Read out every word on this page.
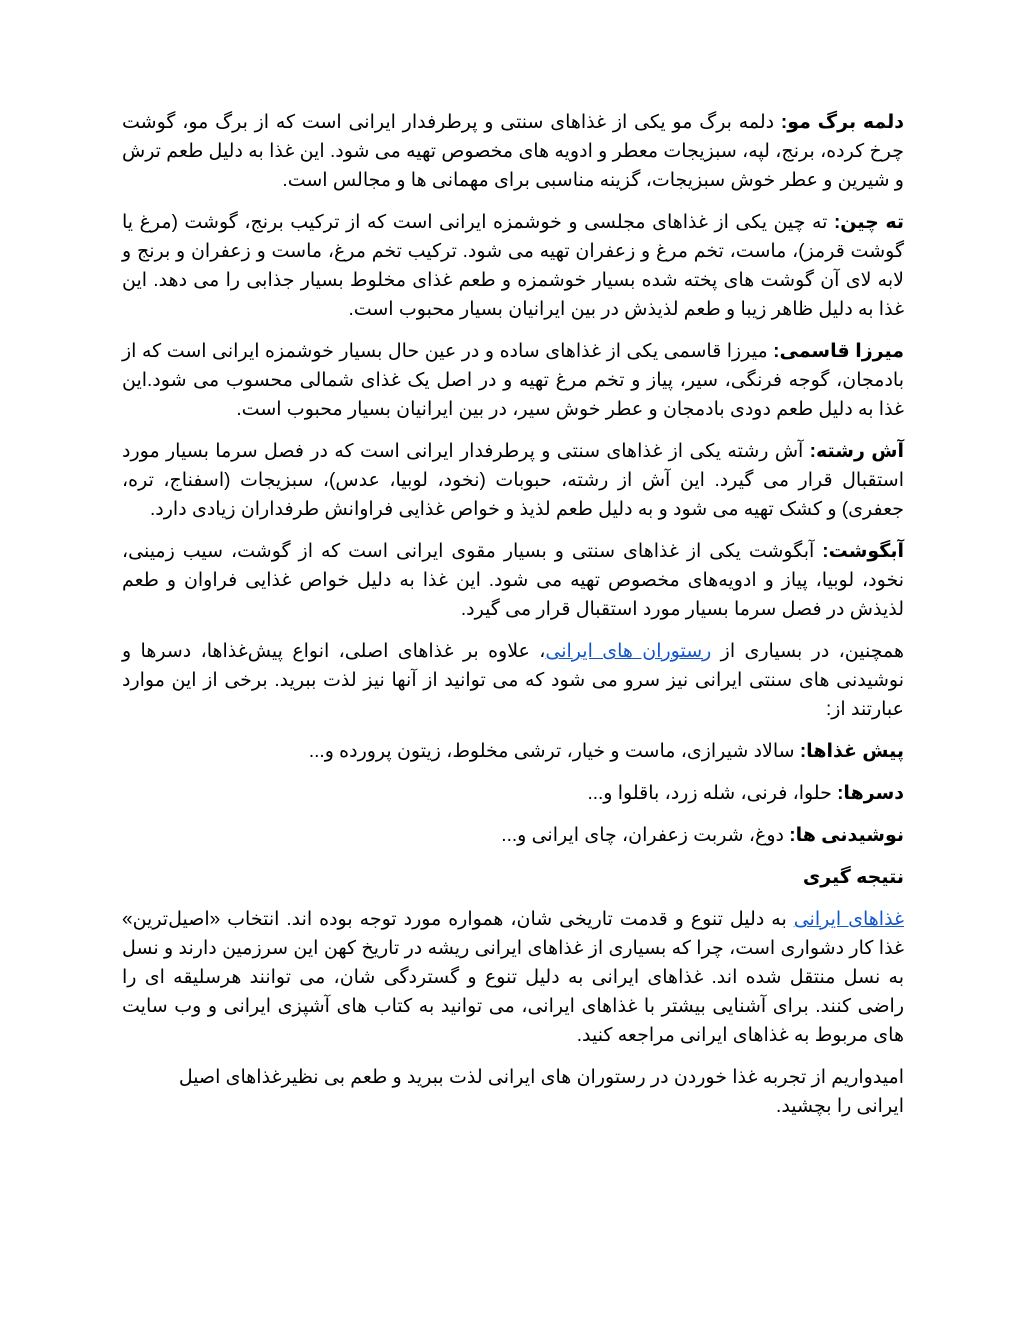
دلمه برگ مو: دلمه برگ مو یکی از غذاهای سنتی و پرطرفدار ایرانی است که از برگ مو، گوشت چرخ کرده، برنج، لپه، سبزیجات معطر و ادویه های مخصوص تهیه می شود. این غذا به دلیل طعم ترش و شیرین و عطر خوش سبزیجات، گزینه مناسبی برای مهمانی ها و مجالس است.

ته چین: ته چین یکی از غذاهای مجلسی و خوشمزه ایرانی است که از ترکیب برنج، گوشت (مرغ یا گوشت قرمز)، ماست، تخم مرغ و زعفران تهیه می شود. ترکیب تخم مرغ، ماست و زعفران و برنج و لابه لای آن گوشت های پخته شده بسیار خوشمزه و طعم غذای مخلوط بسیار جذابی را می دهد. این غذا به دلیل ظاهر زیبا و طعم لذیذش در بین ایرانیان بسیار محبوب است.

میرزا قاسمی: میرزا قاسمی یکی از غذاهای ساده و در عین حال بسیار خوشمزه ایرانی است که از بادمجان، گوجه فرنگی، سیر، پیاز و تخم مرغ تهیه و در اصل یک غذای شمالی محسوب می شود.این غذا به دلیل طعم دودی بادمجان و عطر خوش سیر، در بین ایرانیان بسیار محبوب است.

آش رشته: آش رشته یکی از غذاهای سنتی و پرطرفدار ایرانی است که در فصل سرما بسیار مورد استقبال قرار می گیرد. این آش از رشته، حبوبات (نخود، لوبیا، عدس)، سبزیجات (اسفناج، تره، جعفری) و کشک تهیه می شود و به دلیل طعم لذیذ و خواص غذایی فراوانش طرفداران زیادی دارد.

آبگوشت: آبگوشت یکی از غذاهای سنتی و بسیار مقوی ایرانی است که از گوشت، سیب زمینی، نخود، لوبیا، پیاز و ادویه‌های مخصوص تهیه می شود. این غذا به دلیل خواص غذایی فراوان و طعم لذیذش در فصل سرما بسیار مورد استقبال قرار می گیرد.

همچنین، در بسیاری از رستوران های ایرانی، علاوه بر غذاهای اصلی، انواع پیش‌غذاها، دسرها و نوشیدنی های سنتی ایرانی نیز سرو می شود که می توانید از آنها نیز لذت ببرید. برخی از این موارد عبارتند از:

پیش غذاها: سالاد شیرازی، ماست و خیار، ترشی مخلوط، زیتون پرورده و...

دسرها: حلوا، فرنی، شله زرد، باقلوا و...

نوشیدنی ها: دوغ، شربت زعفران، چای ایرانی و...

نتیجه گیری

غذاهای ایرانی به دلیل تنوع و قدمت تاریخی شان، همواره مورد توجه بوده اند. انتخاب «اصیل‌ترین» غذا کار دشواری است، چرا که بسیاری از غذاهای ایرانی ریشه در تاریخ کهن این سرزمین دارند و نسل به نسل منتقل شده اند. غذاهای ایرانی به دلیل تنوع و گستردگی شان، می توانند هرسلیقه ای را راضی کنند. برای آشنایی بیشتر با غذاهای ایرانی، می توانید به کتاب های آشپزی ایرانی و وب سایت های مربوط به غذاهای ایرانی مراجعه کنید.

امیدواریم از تجربه غذا خوردن در رستوران های ایرانی لذت ببرید و طعم بی نظیرغذاهای اصیل ایرانی را بچشید.
